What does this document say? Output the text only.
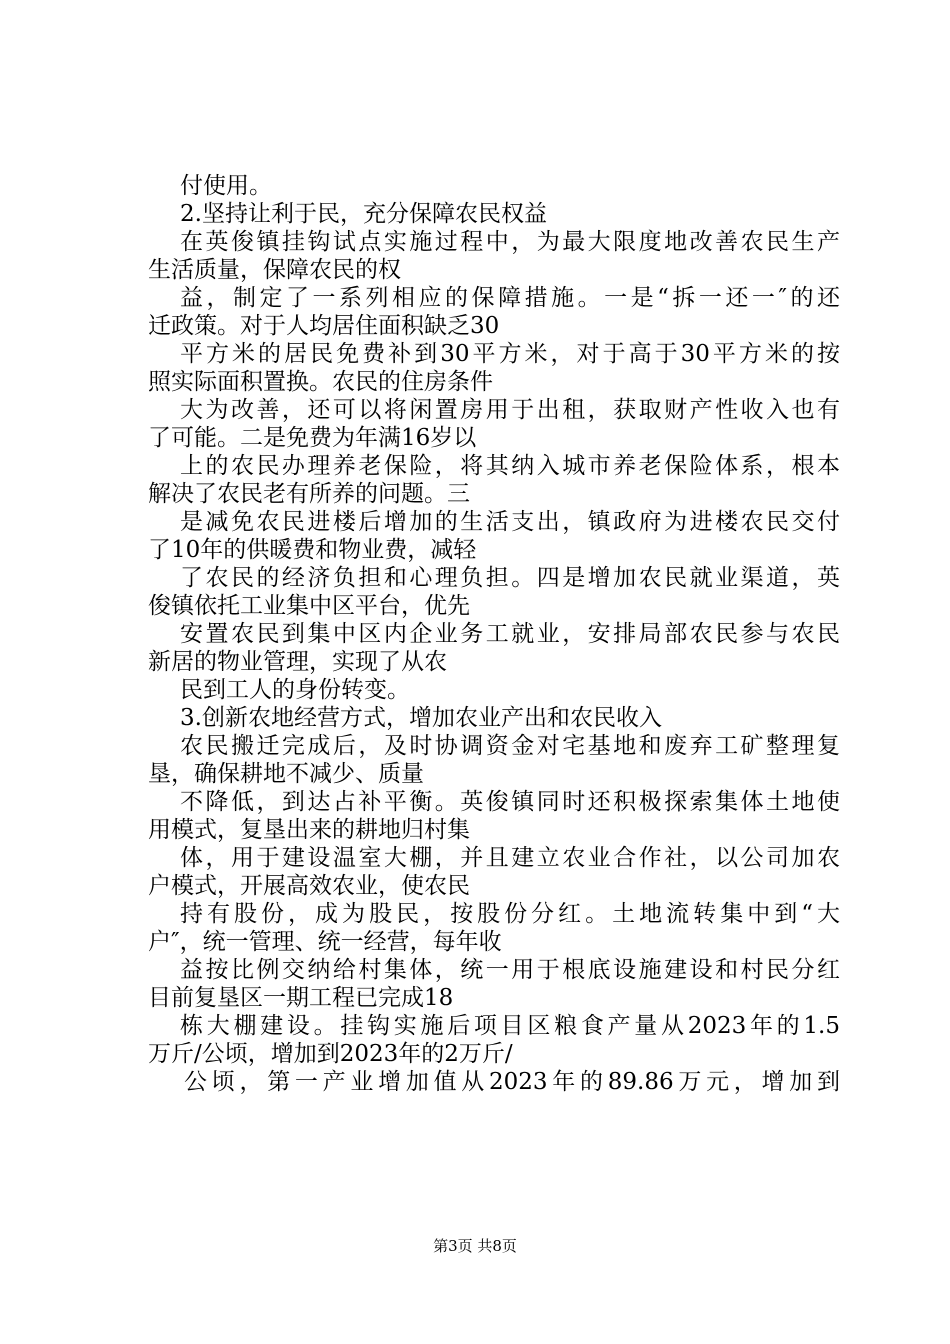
付使用。
2.坚持让利于民，充分保障农民权益
在英俊镇挂钩试点实施过程中，为最大限度地改善农民生产
生活质量，保障农民的权
益，制定了一系列相应的保障措施。一是“拆一还一″的还
迁政策。对于人均居住面积缺乏30
平方米的居民免费补到30平方米，对于高于30平方米的按
照实际面积置换。农民的住房条件
大为改善，还可以将闲置房用于出租，获取财产性收入也有
了可能。二是免费为年满16岁以
上的农民办理养老保险，将其纳入城市养老保险体系，根本
解决了农民老有所养的问题。三
是减免农民进楼后增加的生活支出，镇政府为进楼农民交付
了10年的供暖费和物业费，减轻
了农民的经济负担和心理负担。四是增加农民就业渠道，英
俊镇依托工业集中区平台，优先
安置农民到集中区内企业务工就业，安排局部农民参与农民
新居的物业管理，实现了从农
民到工人的身份转变。
3.创新农地经营方式，增加农业产出和农民收入
农民搬迁完成后，及时协调资金对宅基地和废弃工矿整理复
垦，确保耕地不减少、质量
不降低，到达占补平衡。英俊镇同时还积极探索集体土地使
用模式，复垦出来的耕地归村集
体，用于建设温室大棚，并且建立农业合作社，以公司加农
户模式，开展高效农业，使农民
持有股份，成为股民，按股份分红。土地流转集中到“大
户″，统一管理、统一经营，每年收
益按比例交纳给村集体，统一用于根底设施建设和村民分红
目前复垦区一期工程已完成18
栋大棚建设。挂钩实施后项目区粮食产量从2023年的1.5
万斤/公顷，增加到2023年的2万斤/
公顷，第一产业增加值从2023年的89.86万元，增加到
第3页 共8页
